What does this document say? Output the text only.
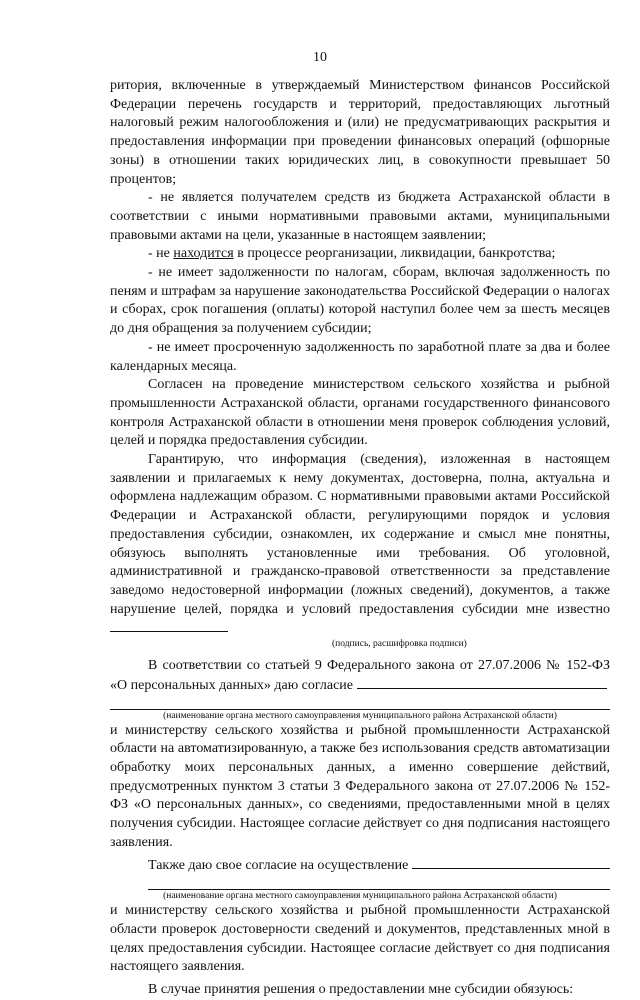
10
ритория, включенные в утверждаемый Министерством финансов Российской Федерации перечень государств и территорий, предоставляющих льготный налоговый режим налогообложения и (или) не предусматривающих раскрытия и предоставления информации при проведении финансовых операций (офшорные зоны) в отношении таких юридических лиц, в совокупности превышает 50 процентов;
- не является получателем средств из бюджета Астраханской области в соответствии с иными нормативными правовыми актами, муниципальными правовыми актами на цели, указанные в настоящем заявлении;
- не находится в процессе реорганизации, ликвидации, банкротства;
- не имеет задолженности по налогам, сборам, включая задолженность по пеням и штрафам за нарушение законодательства Российской Федерации о налогах и сборах, срок погашения (оплаты) которой наступил более чем за шесть месяцев до дня обращения за получением субсидии;
- не имеет просроченную задолженность по заработной плате за два и более календарных месяца.
Согласен на проведение министерством сельского хозяйства и рыбной промышленности Астраханской области, органами государственного финансового контроля Астраханской области в отношении меня проверок соблюдения условий, целей и порядка предоставления субсидии.
Гарантирую, что информация (сведения), изложенная в настоящем заявлении и прилагаемых к нему документах, достоверна, полна, актуальна и оформлена надлежащим образом. С нормативными правовыми актами Российской Федерации и Астраханской области, регулирующими порядок и условия предоставления субсидии, ознакомлен, их содержание и смысл мне понятны, обязуюсь выполнять установленные ими требования. Об уголовной, административной и гражданско-правовой ответственности за представление заведомо недостоверной информации (ложных сведений), документов, а также нарушение целей, порядка и условий предоставления субсидии мне известно
(подпись, расшифровка подписи)
В соответствии со статьей 9 Федерального закона от 27.07.2006 № 152-ФЗ «О персональных данных» даю согласие
(наименование органа местного самоуправления муниципального района Астраханской области)
и министерству сельского хозяйства и рыбной промышленности Астраханской области на автоматизированную, а также без использования средств автоматизации обработку моих персональных данных, а именно совершение действий, предусмотренных пунктом 3 статьи 3 Федерального закона от 27.07.2006 № 152-ФЗ «О персональных данных», со сведениями, предоставленными мной в целях получения субсидии. Настоящее согласие действует со дня подписания настоящего заявления.
Также даю свое согласие на осуществление
(наименование органа местного самоуправления муниципального района Астраханской области)
и министерству сельского хозяйства и рыбной промышленности Астраханской области проверок достоверности сведений и документов, представленных мной в целях предоставления субсидии. Настоящее согласие действует со дня подписания настоящего заявления.
В случае принятия решения о предоставлении мне субсидии обязуюсь:
